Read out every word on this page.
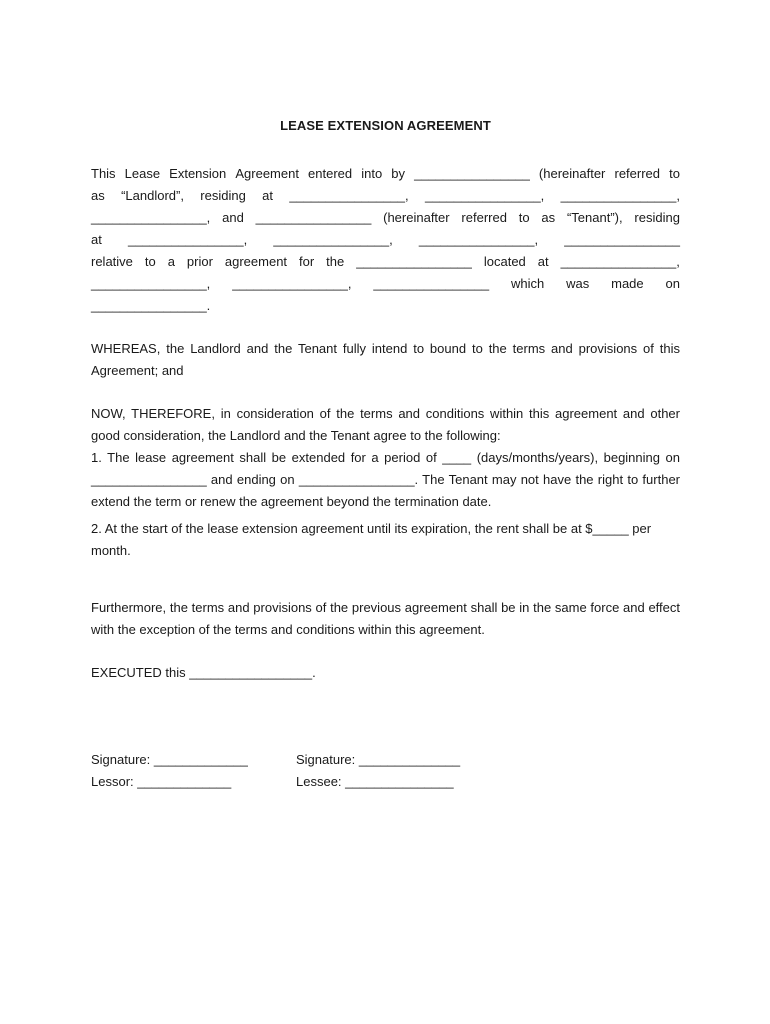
LEASE EXTENSION AGREEMENT
This Lease Extension Agreement entered into by ________________ (hereinafter referred to
as “Landlord”, residing at ________________, ________________, ________________,
________________, and ________________ (hereinafter referred to as “Tenant”), residing
at ________________, ________________, ________________, ________________
relative to a prior agreement for the ________________ located at ________________,
________________, ________________, ________________ which was made on
________________.

WHEREAS, the Landlord and the Tenant fully intend to bound to the terms and provisions of this Agreement; and

NOW, THEREFORE, in consideration of the terms and conditions within this agreement and other good consideration, the Landlord and the Tenant agree to the following:
1. The lease agreement shall be extended for a period of ____ (days/months/years), beginning on ________________ and ending on ________________. The Tenant may not have the right to further extend the term or renew the agreement beyond the termination date.

2. At the start of the lease extension agreement until its expiration, the rent shall be at $_____ per month.

Furthermore, the terms and provisions of the previous agreement shall be in the same force and effect with the exception of the terms and conditions within this agreement.

EXECUTED this _________________.

Signature: _____________	Signature: ______________
Lessor: _____________	Lessee: _______________
